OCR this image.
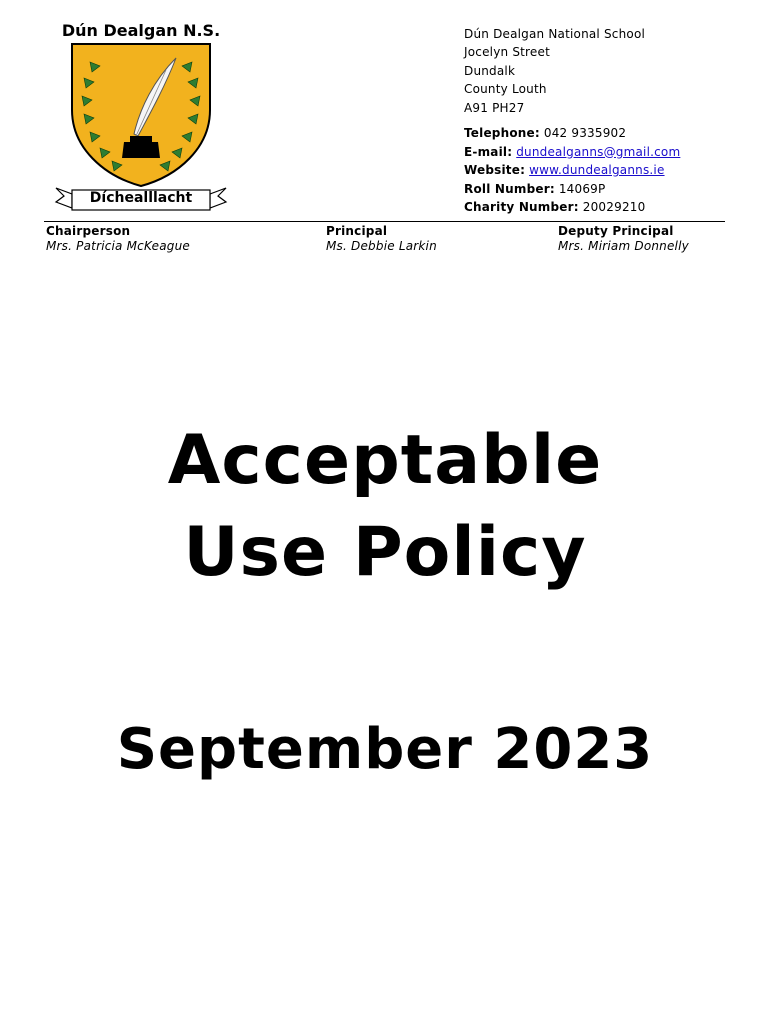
Dún Dealgan N.S.
Díchealllacht
Dún Dealgan National School
Jocelyn Street
Dundalk
County Louth
A91 PH27
Telephone: 042 9335902
E-mail: dundealganns@gmail.com
Website: www.dundealganns.ie
Roll Number: 14069P
Charity Number: 20029210
Chairperson
Mrs. Patricia McKeague
Principal
Ms. Debbie Larkin
Deputy Principal
Mrs. Miriam Donnelly
Acceptable
Use Policy
September 2023
